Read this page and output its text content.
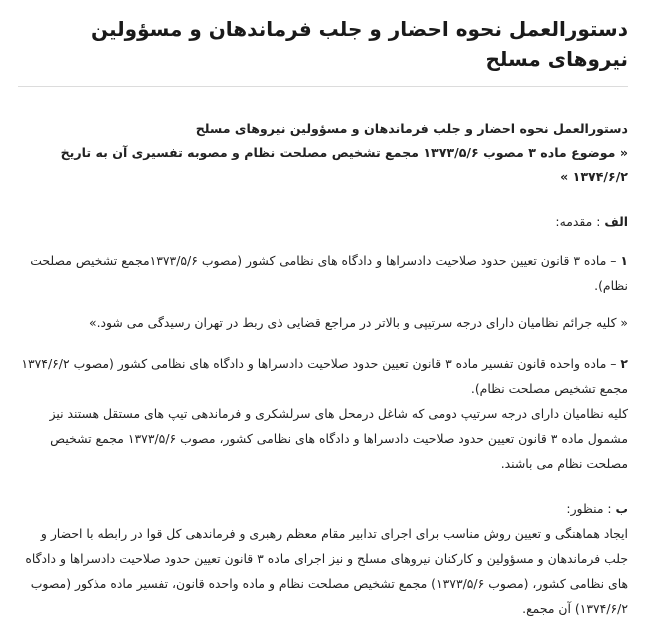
دستورالعمل نحوه احضار و جلب فرماندهان و مسؤولین نیروهای مسلح

دستورالعمل نحوه احضار و جلب فرماندهان و مسؤولین نیروهای مسلح

« موضوع ماده ۳ مصوب ۱۳۷۳/۵/۶ مجمع تشخیص مصلحت نظام و مصوبه تفسیری آن به تاریخ ۱۳۷۴/۶/۲ »

الف : مقدمه:

۱ – ماده ۳ قانون تعیین حدود صلاحیت دادسراها و دادگاه های نظامی کشور (مصوب ۱۳۷۳/۵/۶مجمع تشخیص مصلحت نظام).

« کلیه جرائم نظامیان دارای درجه سرتیپی و بالاتر در مراجع قضایی ذی ربط در تهران رسیدگی می شود.»

۲ – ماده واحده قانون تفسیر ماده ۳ قانون تعیین حدود صلاحیت دادسراها و دادگاه های نظامی کشور (مصوب ۱۳۷۴/۶/۲ مجمع تشخیص مصلحت نظام).

کلیه نظامیان دارای درجه سرتیپ دومی که شاغل درمحل های سرلشکری و فرماندهی تیپ های مستقل هستند نیز مشمول ماده ۳ قانون تعیین حدود صلاحیت دادسراها و دادگاه های نظامی کشور، مصوب ۱۳۷۳/۵/۶ مجمع تشخیص مصلحت نظام می باشند.

ب : منظور:

ایجاد هماهنگی و تعیین روش مناسب برای اجرای تدابیر مقام معظم رهبری و فرماندهی کل قوا در رابطه با احضار و جلب فرماندهان و مسؤولین و کارکنان نیروهای مسلح و نیز اجرای ماده ۳ قانون تعیین حدود صلاحیت دادسراها و دادگاه های نظامی کشور، (مصوب ۱۳۷۳/۵/۶) مجمع تشخیص مصلحت نظام و ماده واحده قانون، تفسیر ماده مذکور (مصوب ۱۳۷۴/۶/۲) آن مجمع.
